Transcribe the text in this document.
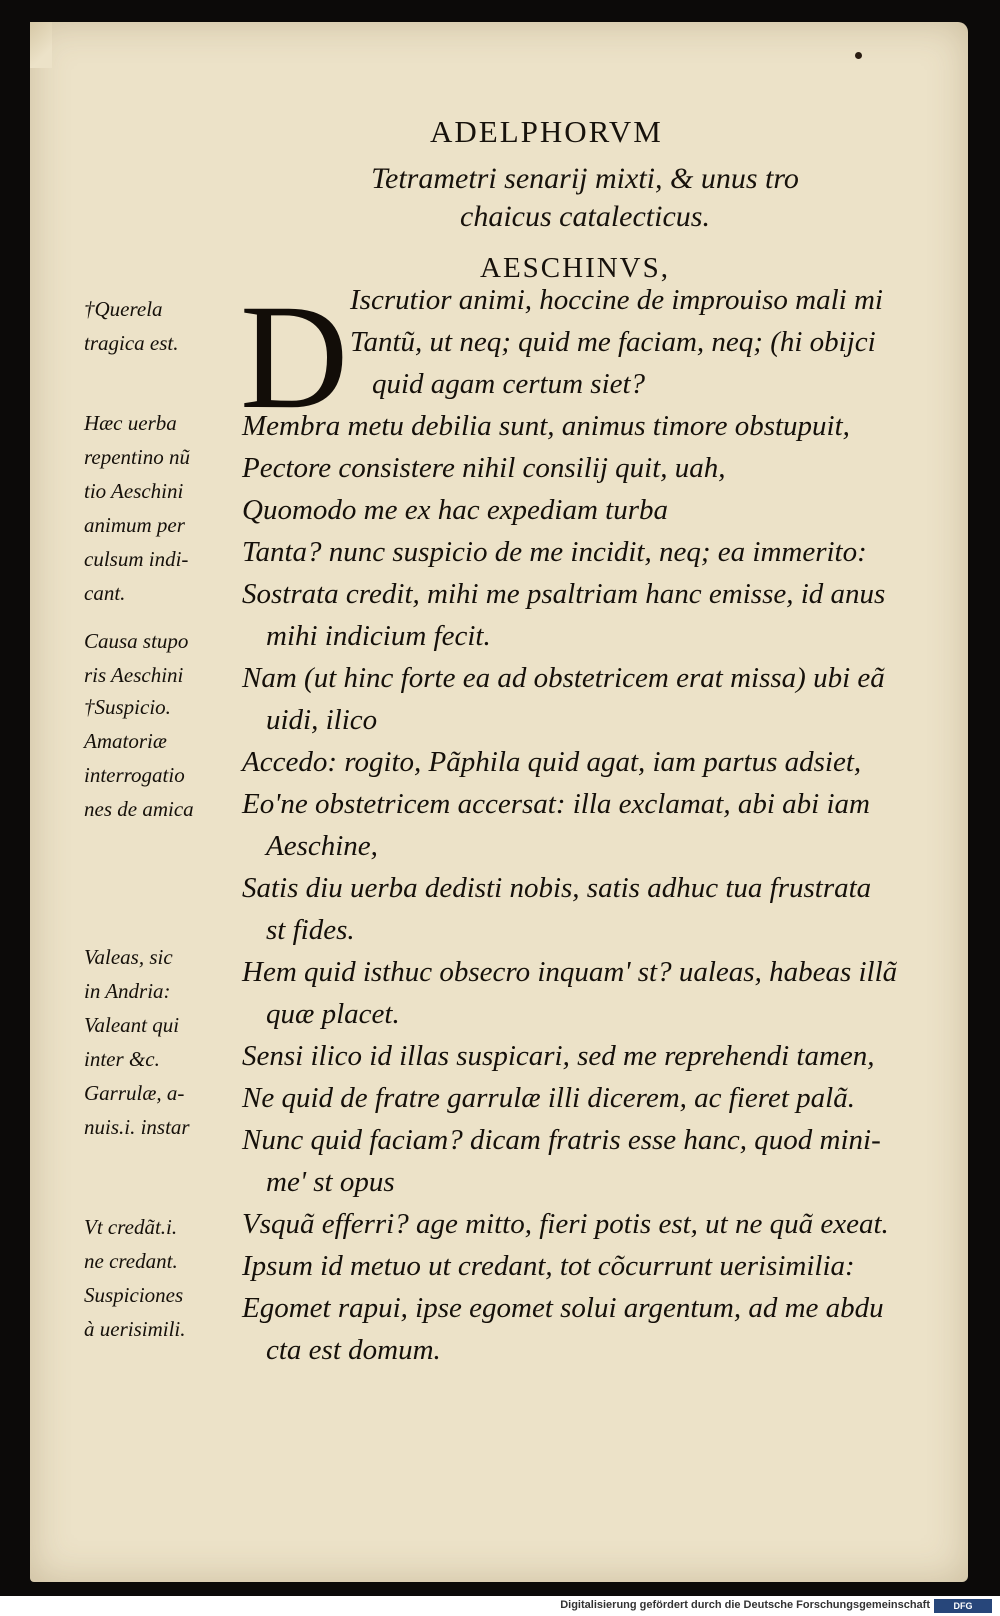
ADELPHORVM
Tetrametri senarij mixti, & unus tro
chaicus catalecticus.
AESCHINVS,
D Iscrutior animi, hoccine de improuiso mali mi
Tantũ, ut neq; quid me faciam, neq; (hi obijci
quid agam certum siet?
Membra metu debilia sunt, animus timore obstupuit,
Pectore consistere nihil consilij quit, uah,
Quomodo me ex hac expediam turba
Tanta? nunc suspicio de me incidit, neq; ea immerito:
Sostrata credit, mihi me psaltriam hanc emisse, id anus
mihi indicium fecit.
Nam (ut hinc forte ea ad obstetricem erat missa) ubi eã
uidi, ilico
Accedo: rogito, Pãphila quid agat, iam partus adsiet,
Eo'ne obstetricem accersat: illa exclamat, abi abi iam
Aeschine,
Satis diu uerba dedisti nobis, satis adhuc tua frustrata
st fides.
Hem quid isthuc obsecro inquam' st? ualeas, habeas illã
quæ placet.
Sensi ilico id illas suspicari, sed me reprehendi tamen,
Ne quid de fratre garrulæ illi dicerem, ac fieret palã.
Nunc quid faciam? dicam fratris esse hanc, quod mini-
me' st opus
Vsquã efferri? age mitto, fieri potis est, ut ne quã exeat.
Ipsum id metuo ut credant, tot cõcurrunt uerisimilia:
Egomet rapui, ipse egomet solui argentum, ad me abdu
cta est domum.
†Querela
tragica est.
Hæc uerba
repentino nũ
tio Aeschini
animum per
culsum indi-
cant.
Causa stupo
ris Aeschini
†Suspicio.
Amatoriæ
interrogatio
nes de amica
Valeas, sic
in Andria:
Valeant qui
inter &c.
Garrulæ, a-
nuis.i. instar
Vt credãt.i.
ne credant.
Suspiciones
à uerisimili.
Digitalisierung gefördert durch die Deutsche Forschungsgemeinschaft	DFG
